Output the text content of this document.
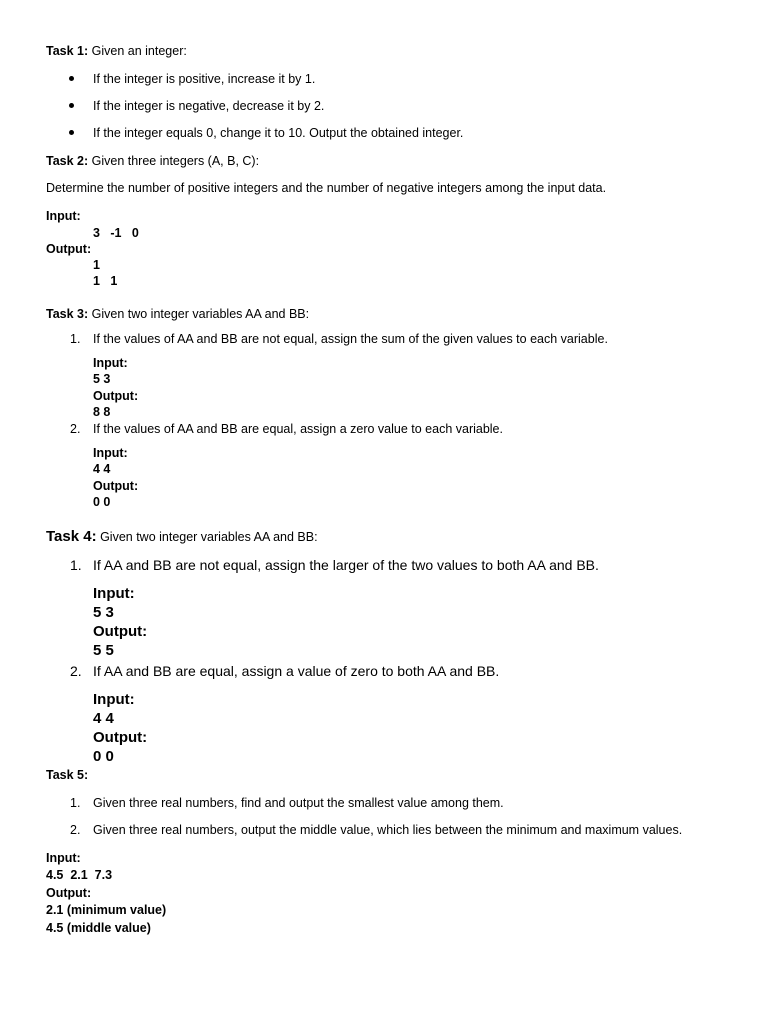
Task 1: Given an integer:
If the integer is positive, increase it by 1.
If the integer is negative, decrease it by 2.
If the integer equals 0, change it to 10. Output the obtained integer.
Task 2: Given three integers (A, B, C):
Determine the number of positive integers and the number of negative integers among the input data.
Input:
3   -1   0
Output:
1
1   1
Task 3: Given two integer variables AA and BB:
1. If the values of AA and BB are not equal, assign the sum of the given values to each variable.
Input:
5 3
Output:
8 8
2. If the values of AA and BB are equal, assign a zero value to each variable.
Input:
4 4
Output:
0 0
Task 4: Given two integer variables AA and BB:
1. If AA and BB are not equal, assign the larger of the two values to both AA and BB.
Input:
5 3
Output:
5 5
2. If AA and BB are equal, assign a value of zero to both AA and BB.
Input:
4 4
Output:
0 0
Task 5:
1. Given three real numbers, find and output the smallest value among them.
2. Given three real numbers, output the middle value, which lies between the minimum and maximum values.
Input:
4.5  2.1  7.3
Output:
2.1 (minimum value)
4.5 (middle value)
